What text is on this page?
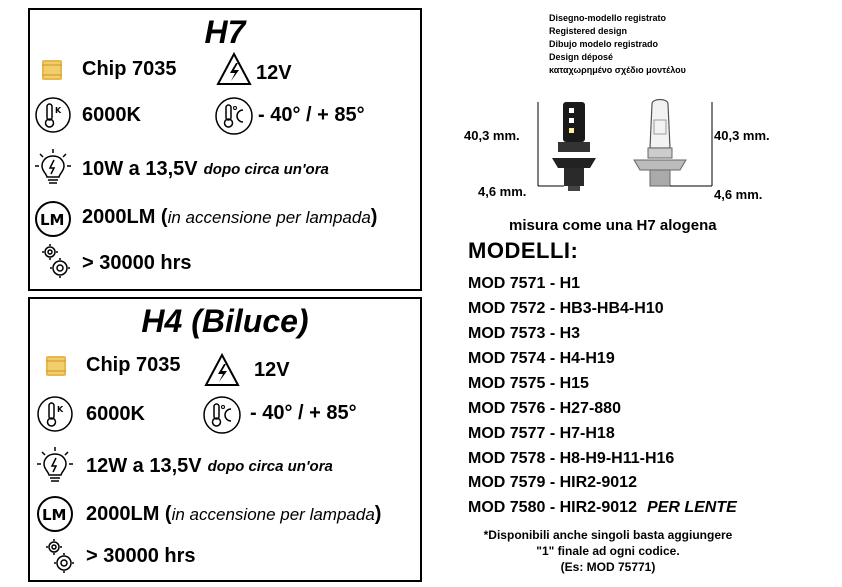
H7
Chip 7035	12V
K 6000K	- 40° / + 85°
10W a 13,5V dopo circa un'ora
LM 2000LM ( in accensione per lampada )
> 30000 hrs
H4 (Biluce)
Chip 7035	12V
K 6000K	- 40° / + 85°
12W a 13,5V dopo circa un'ora
LM 2000LM ( in accensione per lampada )
> 30000 hrs
Disegno-modello registrato
Registered design
Dibujo modelo registrado
Design déposé
καταχωρημένο σχέδιο μοντέλου
40,3 mm.	40,3 mm.
4,6 mm.	4,6 mm.
misura come una H7 alogena
MODELLI:
MOD 7571 - H1
MOD 7572 - HB3-HB4-H10
MOD 7573 - H3
MOD 7574 - H4-H19
MOD 7575 - H15
MOD 7576 - H27-880
MOD 7577 - H7-H18
MOD 7578 - H8-H9-H11-H16
MOD 7579 - HIR2-9012
MOD 7580 - HIR2-9012 PER LENTE
*Disponibili anche singoli basta aggiungere
"1" finale ad ogni codice.
(Es: MOD 75771)
